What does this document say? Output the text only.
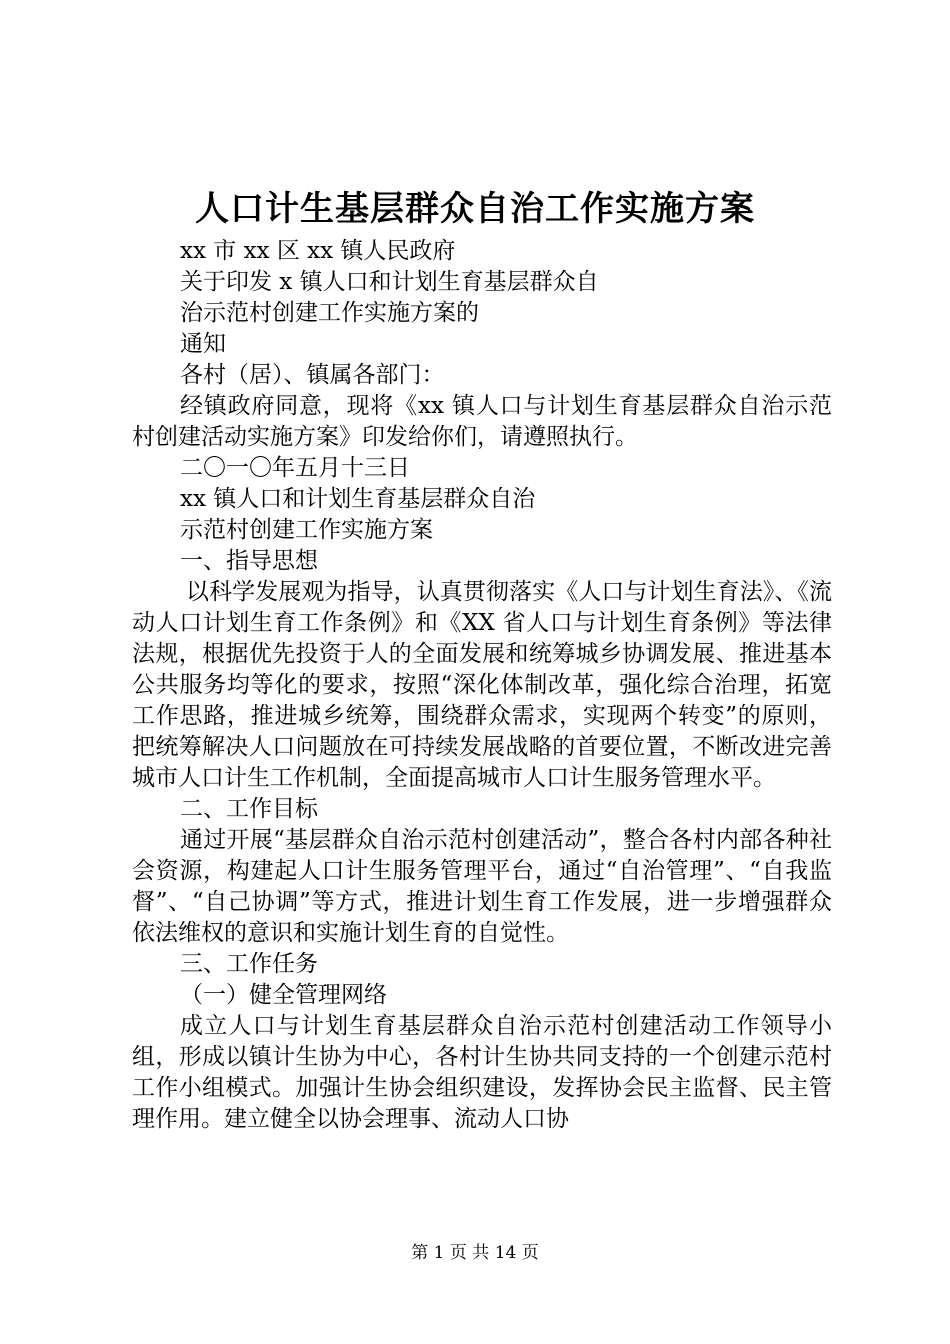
人口计生基层群众自治工作实施方案

xx 市 xx 区 xx 镇人民政府

关于印发 x 镇人口和计划生育基层群众自

治示范村创建工作实施方案的

通知

各村（居）、镇属各部门：

经镇政府同意，现将《xx 镇人口与计划生育基层群众自治示范村创建活动实施方案》印发给你们，请遵照执行。

二〇一〇年五月十三日

xx 镇人口和计划生育基层群众自治

示范村创建工作实施方案

一、指导思想

以科学发展观为指导，认真贯彻落实《人口与计划生育法》、《流动人口计划生育工作条例》和《XX 省人口与计划生育条例》等法律法规，根据优先投资于人的全面发展和统筹城乡协调发展、推进基本公共服务均等化的要求，按照“深化体制改革，强化综合治理，拓宽工作思路，推进城乡统筹，围绕群众需求，实现两个转变”的原则，把统筹解决人口问题放在可持续发展战略的首要位置，不断改进完善城市人口计生工作机制，全面提高城市人口计生服务管理水平。

二、工作目标

通过开展“基层群众自治示范村创建活动”，整合各村内部各种社会资源，构建起人口计生服务管理平台，通过“自治管理”、“自我监督”、“自己协调”等方式，推进计划生育工作发展，进一步增强群众依法维权的意识和实施计划生育的自觉性。

三、工作任务

（一）健全管理网络

成立人口与计划生育基层群众自治示范村创建活动工作领导小组，形成以镇计生协为中心，各村计生协共同支持的一个创建示范村工作小组模式。加强计生协会组织建设，发挥协会民主监督、民主管理作用。建立健全以协会理事、流动人口协

第 1 页 共 14 页
